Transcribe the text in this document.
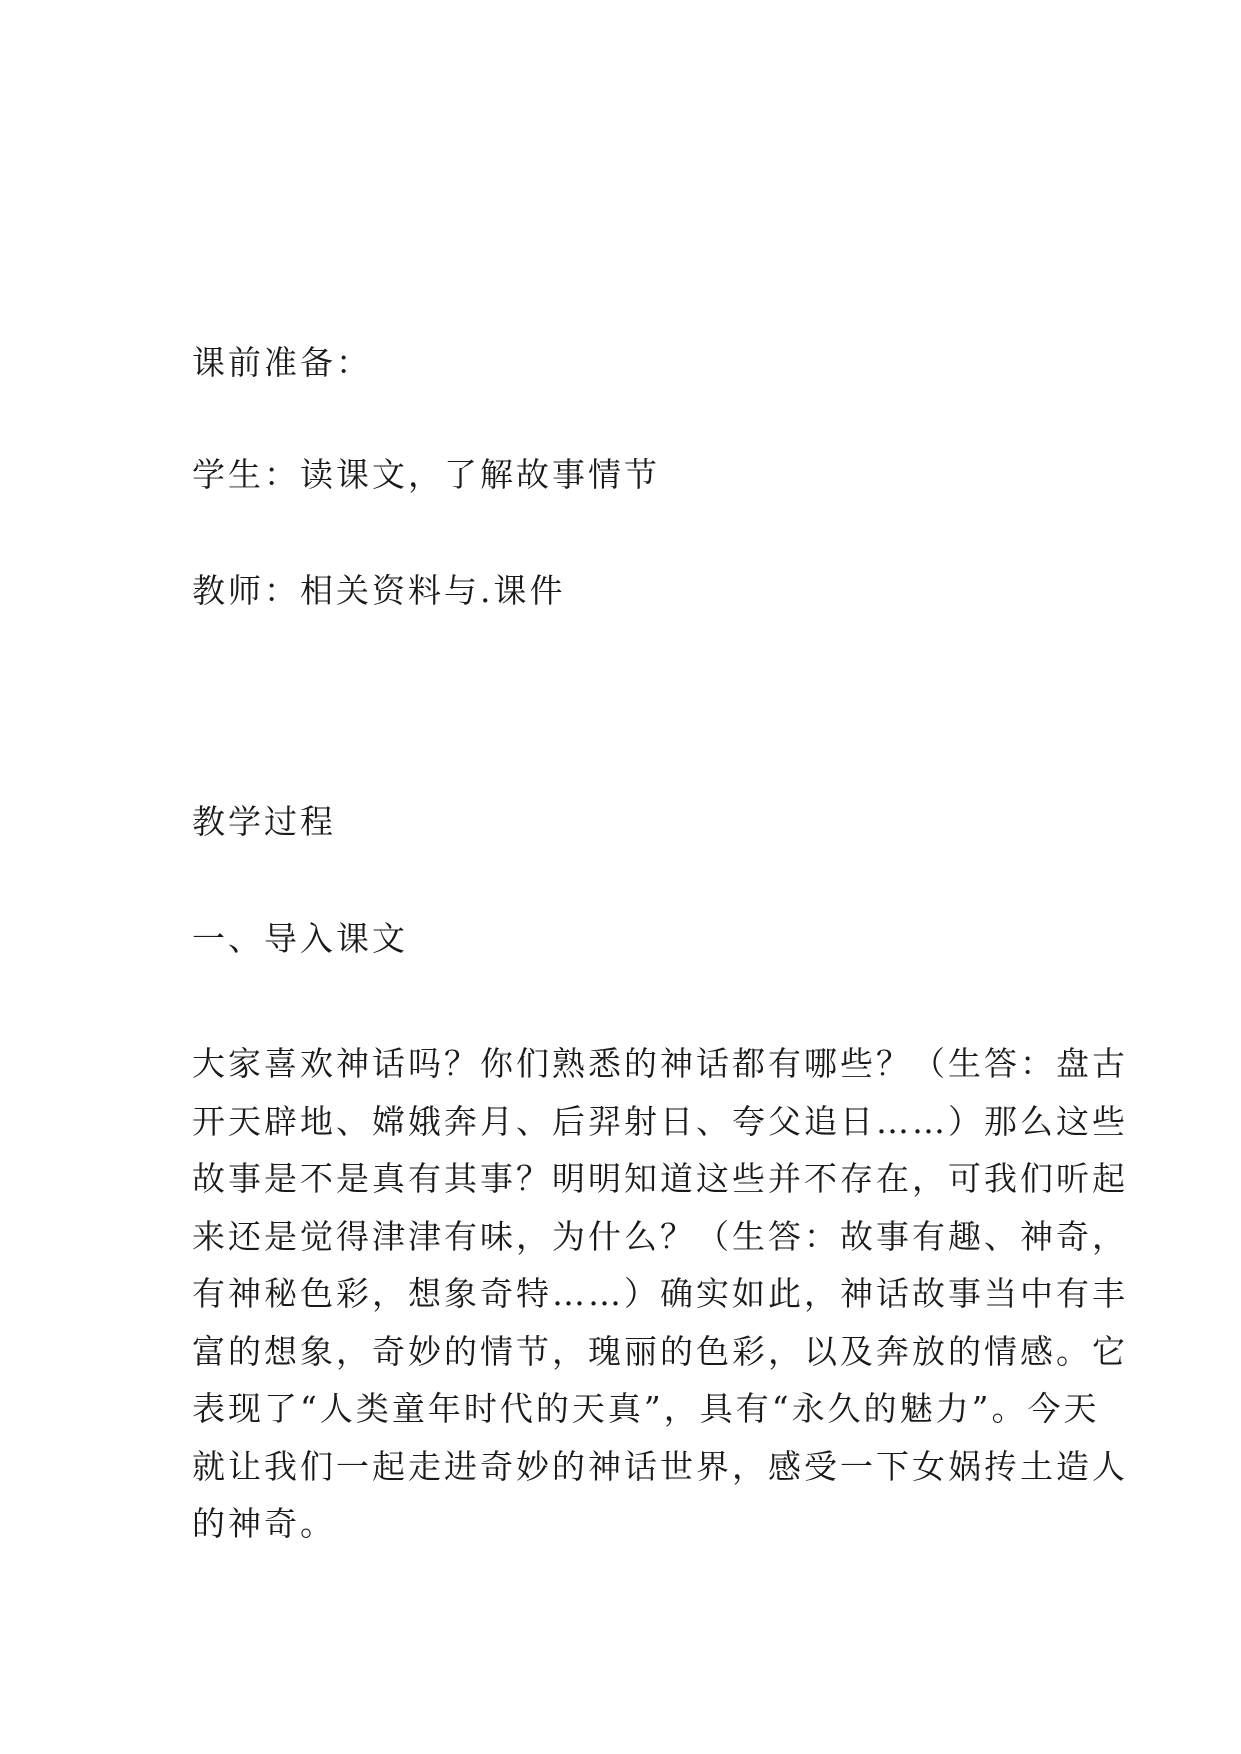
课前准备：
学生：读课文，了解故事情节
教师：相关资料与.课件
教学过程
一、导入课文
大家喜欢神话吗？你们熟悉的神话都有哪些？（生答：盘古
开天辟地、嫦娥奔月、后羿射日、夸父追日……）那么这些
故事是不是真有其事？明明知道这些并不存在，可我们听起
来还是觉得津津有味，为什么？（生答：故事有趣、神奇，
有神秘色彩，想象奇特……）确实如此，神话故事当中有丰
富的想象，奇妙的情节，瑰丽的色彩，以及奔放的情感。它
表现了“人类童年时代的天真”，具有“永久的魅力”。今天
就让我们一起走进奇妙的神话世界，感受一下女娲抟土造人
的神奇。
